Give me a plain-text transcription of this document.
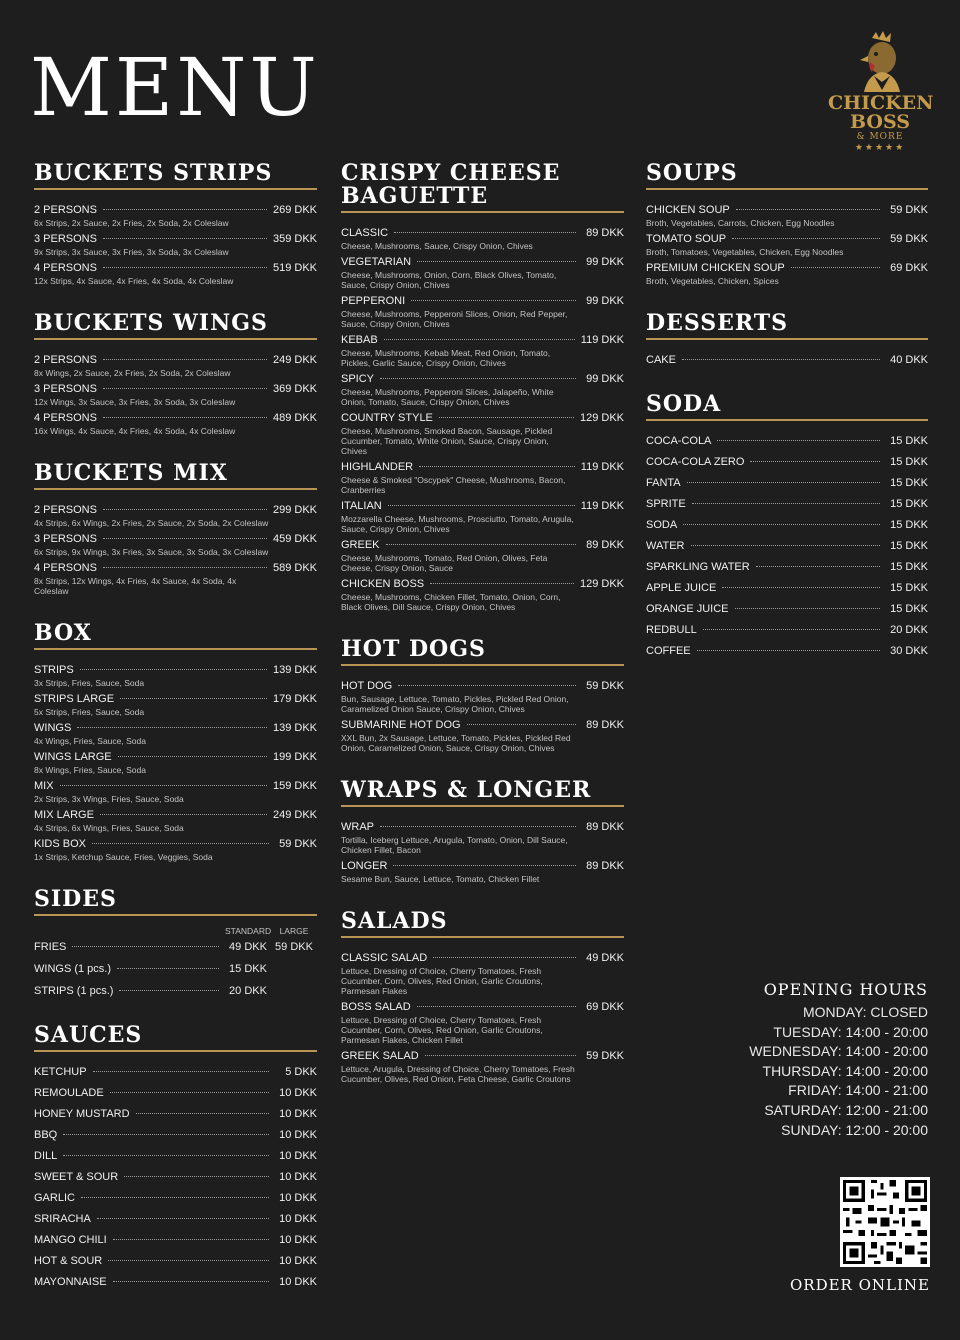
MENU	CHICKEN
BOSS
& MORE
★★★★★
BUCKETS STRIPS
2 PERSONS	269 DKK
6x Strips, 2x Sauce, 2x Fries, 2x Soda, 2x Coleslaw
3 PERSONS	359 DKK
9x Strips, 3x Sauce, 3x Fries, 3x Soda, 3x Coleslaw
4 PERSONS	519 DKK
12x Strips, 4x Sauce, 4x Fries, 4x Soda, 4x Coleslaw
BUCKETS WINGS
2 PERSONS	249 DKK
8x Wings, 2x Sauce, 2x Fries, 2x Soda, 2x Coleslaw
3 PERSONS	369 DKK
12x Wings, 3x Sauce, 3x Fries, 3x Soda, 3x Coleslaw
4 PERSONS	489 DKK
16x Wings, 4x Sauce, 4x Fries, 4x Soda, 4x Coleslaw
BUCKETS MIX
2 PERSONS	299 DKK
4x Strips, 6x Wings, 2x Fries, 2x Sauce, 2x Soda, 2x Coleslaw
3 PERSONS	459 DKK
6x Strips, 9x Wings, 3x Fries, 3x Sauce, 3x Soda, 3x Coleslaw
4 PERSONS	589 DKK
8x Strips, 12x Wings, 4x Fries, 4x Sauce, 4x Soda, 4x Coleslaw
BOX
STRIPS	139 DKK
3x Strips, Fries, Sauce, Soda
STRIPS LARGE	179 DKK
5x Strips, Fries, Sauce, Soda
WINGS	139 DKK
4x Wings, Fries, Sauce, Soda
WINGS LARGE	199 DKK
8x Wings, Fries, Sauce, Soda
MIX	159 DKK
2x Strips, 3x Wings, Fries, Sauce, Soda
MIX LARGE	249 DKK
4x Strips, 6x Wings, Fries, Sauce, Soda
KIDS BOX	59 DKK
1x Strips, Ketchup Sauce, Fries, Veggies, Soda
SIDES
STANDARD LARGE
FRIES	49 DKK 59 DKK
WINGS (1 pcs.)	15 DKK
STRIPS (1 pcs.)	20 DKK
SAUCES
KETCHUP	5 DKK
REMOULADE	10 DKK
HONEY MUSTARD	10 DKK
BBQ	10 DKK
DILL	10 DKK
SWEET & SOUR	10 DKK
GARLIC	10 DKK
SRIRACHA	10 DKK
MANGO CHILI	10 DKK
HOT & SOUR	10 DKK
MAYONNAISE	10 DKK
CRISPY CHEESE
BAGUETTE
CLASSIC	89 DKK
Cheese, Mushrooms, Sauce, Crispy Onion, Chives
VEGETARIAN	99 DKK
Cheese, Mushrooms, Onion, Corn, Black Olives, Tomato, Sauce, Crispy Onion, Chives
PEPPERONI	99 DKK
Cheese, Mushrooms, Pepperoni Slices, Onion, Red Pepper, Sauce, Crispy Onion, Chives
KEBAB	119 DKK
Cheese, Mushrooms, Kebab Meat, Red Onion, Tomato, Pickles, Garlic Sauce, Crispy Onion, Chives
SPICY	99 DKK
Cheese, Mushrooms, Pepperoni Slices, Jalapeño, White Onion, Tomato, Sauce, Crispy Onion, Chives
COUNTRY STYLE	129 DKK
Cheese, Mushrooms, Smoked Bacon, Sausage, Pickled Cucumber, Tomato, White Onion, Sauce, Crispy Onion, Chives
HIGHLANDER	119 DKK
Cheese & Smoked "Oscypek" Cheese, Mushrooms, Bacon, Cranberries
ITALIAN	119 DKK
Mozzarella Cheese, Mushrooms, Prosciutto, Tomato, Arugula, Sauce, Crispy Onion, Chives
GREEK	89 DKK
Cheese, Mushrooms, Tomato, Red Onion, Olives, Feta Cheese, Crispy Onion, Sauce
CHICKEN BOSS	129 DKK
Cheese, Mushrooms, Chicken Fillet, Tomato, Onion, Corn, Black Olives, Dill Sauce, Crispy Onion, Chives
HOT DOGS
HOT DOG	59 DKK
Bun, Sausage, Lettuce, Tomato, Pickles, Pickled Red Onion, Caramelized Onion Sauce, Crispy Onion, Chives
SUBMARINE HOT DOG	89 DKK
XXL Bun, 2x Sausage, Lettuce, Tomato, Pickles, Pickled Red Onion, Caramelized Onion, Sauce, Crispy Onion, Chives
WRAPS & LONGER
WRAP	89 DKK
Tortilla, Iceberg Lettuce, Arugula, Tomato, Onion, Dill Sauce, Chicken Fillet, Bacon
LONGER	89 DKK
Sesame Bun, Sauce, Lettuce, Tomato, Chicken Fillet
SALADS
CLASSIC SALAD	49 DKK
Lettuce, Dressing of Choice, Cherry Tomatoes, Fresh Cucumber, Corn, Olives, Red Onion, Garlic Croutons, Parmesan Flakes
BOSS SALAD	69 DKK
Lettuce, Dressing of Choice, Cherry Tomatoes, Fresh Cucumber, Corn, Olives, Red Onion, Garlic Croutons, Parmesan Flakes, Chicken Fillet
GREEK SALAD	59 DKK
Lettuce, Arugula, Dressing of Choice, Cherry Tomatoes, Fresh Cucumber, Olives, Red Onion, Feta Cheese, Garlic Croutons
SOUPS
CHICKEN SOUP	59 DKK
Broth, Vegetables, Carrots, Chicken, Egg Noodles
TOMATO SOUP	59 DKK
Broth, Tomatoes, Vegetables, Chicken, Egg Noodles
PREMIUM CHICKEN SOUP	69 DKK
Broth, Vegetables, Chicken, Spices
DESSERTS
CAKE	40 DKK
SODA
COCA-COLA	15 DKK
COCA-COLA ZERO	15 DKK
FANTA	15 DKK
SPRITE	15 DKK
SODA	15 DKK
WATER	15 DKK
SPARKLING WATER	15 DKK
APPLE JUICE	15 DKK
ORANGE JUICE	15 DKK
REDBULL	20 DKK
COFFEE	30 DKK
OPENING HOURS
MONDAY: CLOSED
TUESDAY: 14:00 - 20:00
WEDNESDAY: 14:00 - 20:00
THURSDAY: 14:00 - 20:00
FRIDAY: 14:00 - 21:00
SATURDAY: 12:00 - 21:00
SUNDAY: 12:00 - 20:00
ORDER ONLINE
